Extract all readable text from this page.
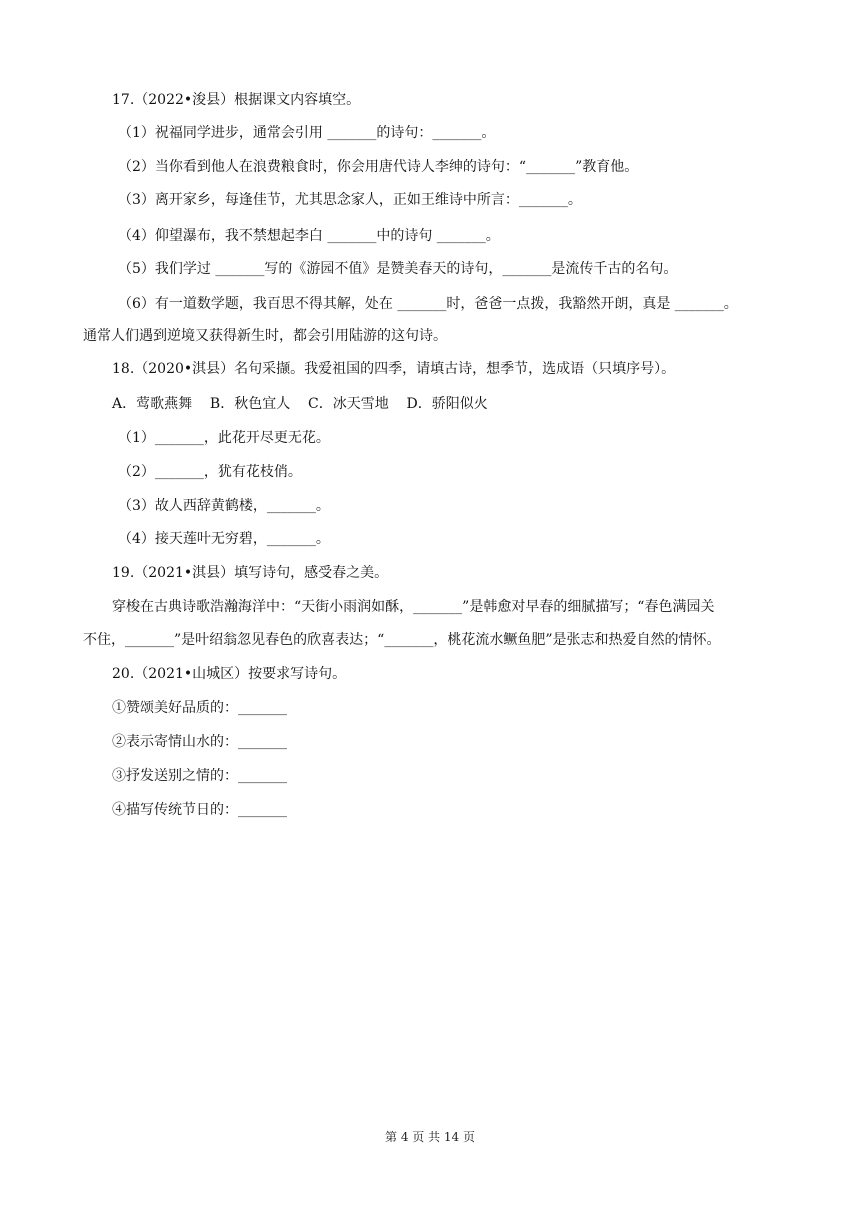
17.（2022•浚县）根据课文内容填空。
（1）祝福同学进步，通常会引用 _______的诗句：_______。
（2）当你看到他人在浪费粮食时，你会用唐代诗人李绅的诗句：“_______”教育他。
（3）离开家乡，每逢佳节，尤其思念家人，正如王维诗中所言：_______。
（4）仰望瀑布，我不禁想起李白 _______中的诗句 _______。
（5）我们学过 _______写的《游园不值》是赞美春天的诗句，_______是流传千古的名句。
（6）有一道数学题，我百思不得其解，处在 _______时，爸爸一点拨，我豁然开朗，真是 _______。
通常人们遇到逆境又获得新生时，都会引用陆游的这句诗。
18.（2020•淇县）名句采撷。我爱祖国的四季，请填古诗，想季节，选成语（只填序号）。
A．莺歌燕舞    B．秋色宜人    C．冰天雪地    D．骄阳似火
（1）_______，此花开尽更无花。
（2）_______，犹有花枝俏。
（3）故人西辞黄鹤楼，_______。
（4）接天莲叶无穷碧，_______。
19.（2021•淇县）填写诗句，感受春之美。
穿梭在古典诗歌浩瀚海洋中：“天街小雨润如酥，_______”是韩愈对早春的细腻描写；“春色满园关
不住，_______”是叶绍翁忽见春色的欣喜表达；“_______，桃花流水鳜鱼肥”是张志和热爱自然的情怀。
20.（2021•山城区）按要求写诗句。
①赞颂美好品质的：_______
②表示寄情山水的：_______
③抒发送别之情的：_______
④描写传统节日的：_______
第 4 页 共 14 页
